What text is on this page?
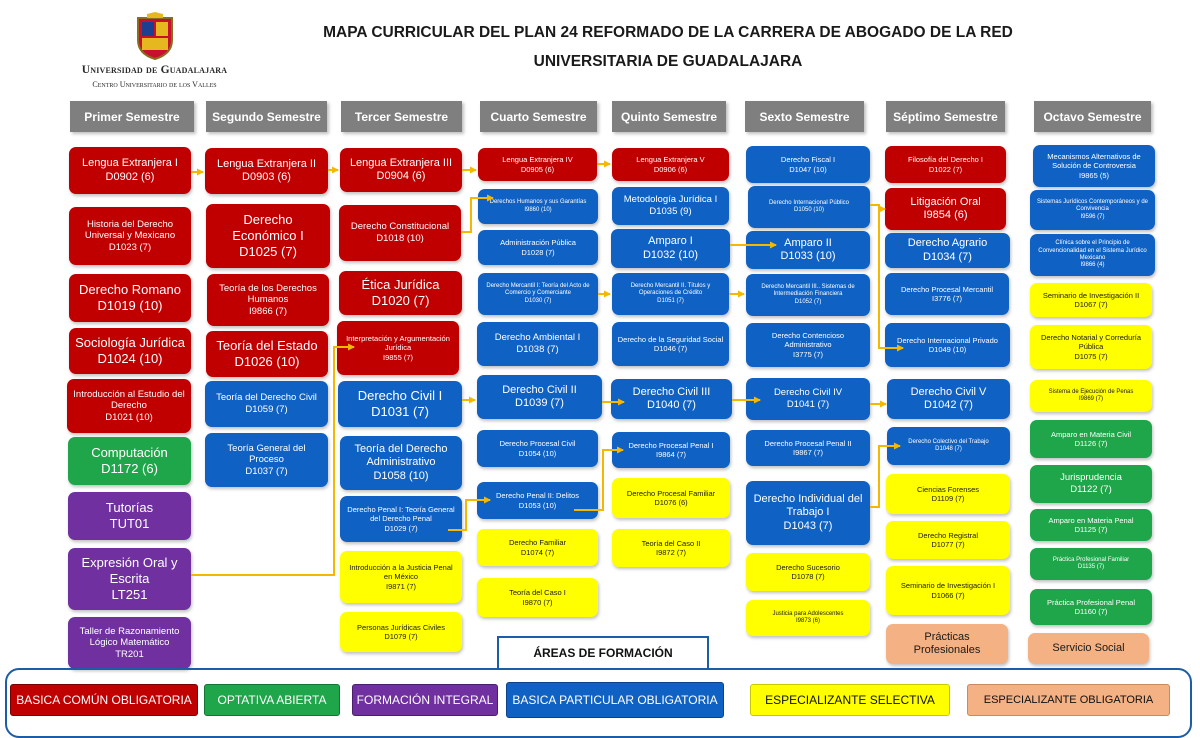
Universidad de Guadalajara
Centro Universitario de los Valles
MAPA CURRICULAR DEL PLAN 24 REFORMADO DE LA CARRERA DE ABOGADO DE LA RED
UNIVERSITARIA DE GUADALAJARA
Primer Semestre	Segundo Semestre	Tercer Semestre	Cuarto Semestre	Quinto Semestre	Sexto Semestre	Séptimo Semestre	Octavo Semestre
Lengua Extranjera I
D0902 (6)
Historia del Derecho Universal y Mexicano
D1023 (7)
Derecho Romano
D1019 (10)
Sociología Jurídica
D1024 (10)
Introducción al Estudio del Derecho
D1021 (10)
Computación
D1172 (6)
Tutorías
TUT01
Expresión Oral y Escrita
LT251
Taller de Razonamiento Lógico Matemático
TR201
Lengua Extranjera II
D0903 (6)
Derecho Económico I
D1025 (7)
Teoría de los Derechos Humanos
I9866 (7)
Teoría del Estado
D1026 (10)
Teoría del Derecho Civil
D1059 (7)
Teoría General del Proceso
D1037 (7)
Lengua Extranjera III
D0904 (6)
Derecho Constitucional
D1018 (10)
Ética Jurídica
D1020 (7)
Interpretación y Argumentación Jurídica
I9855 (7)
Derecho Civil I
D1031 (7)
Teoría del Derecho Administrativo
D1058 (10)
Derecho Penal I: Teoría General del Derecho Penal
D1029 (7)
Introducción a la Justicia Penal en México
I9871 (7)
Personas Jurídicas Civiles
D1079 (7)
Lengua Extranjera IV
D0905 (6)
Derechos Humanos y sus Garantías
I9860 (10)
Administración Pública
D1028 (7)
Derecho Mercantil I: Teoría del Acto de Comercio y Comerciante
D1030 (7)
Derecho Ambiental I
D1038 (7)
Derecho Civil II
D1039 (7)
Derecho Procesal Civil
D1054 (10)
Derecho Penal II: Delitos
D1053 (10)
Derecho Familiar
D1074 (7)
Teoría del Caso I
I9870 (7)
Lengua Extranjera V
D0906 (6)
Metodología Jurídica I
D1035 (9)
Amparo I
D1032 (10)
Derecho Mercantil II. Títulos y Operaciones de Crédito
D1051 (7)
Derecho de la Seguridad Social
D1046 (7)
Derecho Civil III
D1040 (7)
Derecho Procesal Penal I
I9864 (7)
Derecho Procesal Familiar
D1076 (6)
Teoría del Caso II
I9872 (7)
Derecho Fiscal I
D1047 (10)
Derecho Internacional Público
D1050 (10)
Amparo II
D1033 (10)
Derecho Mercantil III.. Sistemas de Intermediación Financiera
D1052 (7)
Derecho Contencioso Administrativo
I3775 (7)
Derecho Civil IV
D1041 (7)
Derecho Procesal Penal II
I9867 (7)
Derecho Individual del Trabajo I
D1043 (7)
Derecho Sucesorio
D1078 (7)
Justicia para Adolescentes
I9873 (6)
Filosofía del Derecho I
D1022 (7)
Litigación Oral
I9854 (6)
Derecho Agrario
D1034 (7)
Derecho Procesal Mercantil
I3776 (7)
Derecho Internacional Privado
D1049 (10)
Derecho Civil V
D1042 (7)
Derecho Colectivo del Trabajo
D1048 (7)
Ciencias Forenses
D1109 (7)
Derecho Registral
D1077 (7)
Seminario de Investigación I
D1066 (7)
Prácticas Profesionales
Mecanismos Alternativos de Solución de Controversia
I9865 (5)
Sistemas Jurídicos Contemporáneos y de Convivencia
I9596 (7)
Clínica sobre el Principio de Convencionalidad en el Sistema Jurídico Mexicano
I9866 (4)
Seminario de Investigación II
D1067 (7)
Derecho Notarial y Correduría Pública
D1075 (7)
Sistema de Ejecución de Penas
I9869 (7)
Amparo en Materia Civil
D1126 (7)
Jurisprudencia
D1122 (7)
Amparo en Materia Penal
D1125 (7)
Práctica Profesional Familiar
D1135 (7)
Práctica Profesional Penal
D1160 (7)
Servicio Social
ÁREAS DE FORMACIÓN
BASICA COMÚN OBLIGATORIA	OPTATIVA ABIERTA	FORMACIÓN INTEGRAL	BASICA PARTICULAR OBLIGATORIA	ESPECIALIZANTE SELECTIVA	ESPECIALIZANTE OBLIGATORIA
